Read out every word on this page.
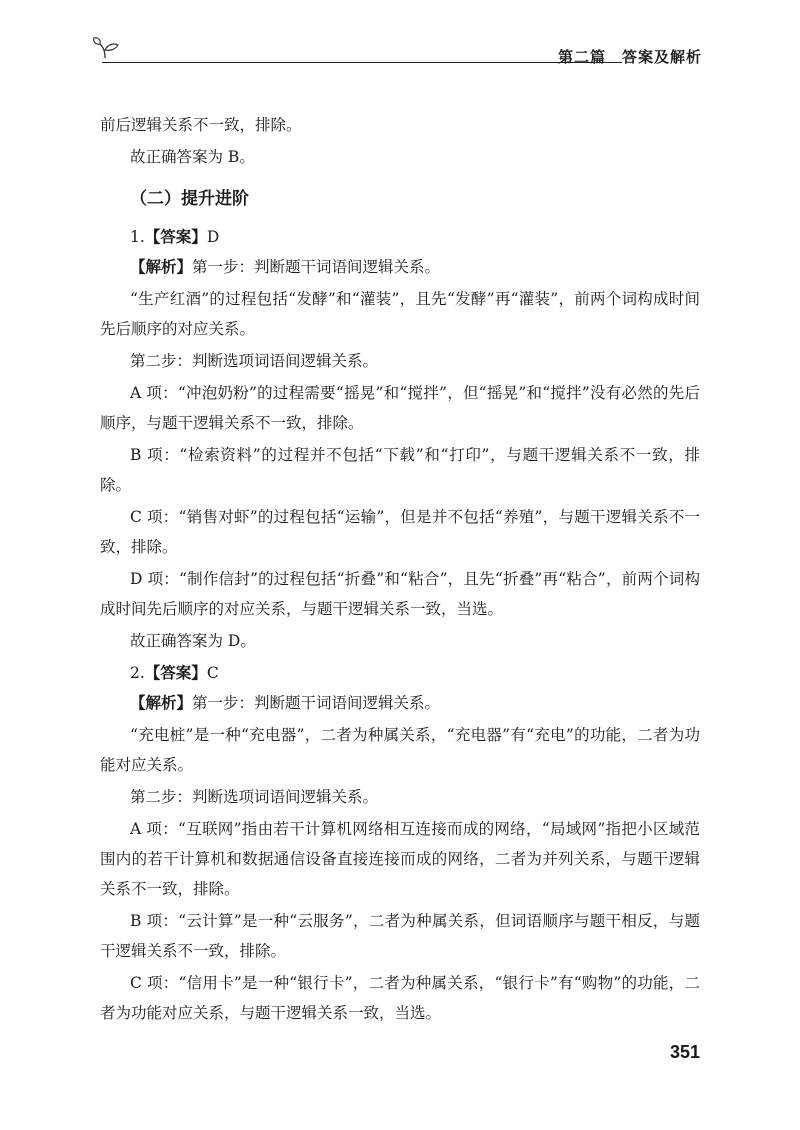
第二篇　答案及解析

前后逻辑关系不一致，排除。

故正确答案为 B。

（二）提升进阶
1.【答案】D

【解析】第一步：判断题干词语间逻辑关系。

“生产红酒”的过程包括“发酵”和“灌装”，且先“发酵”再“灌装”，前两个词构成时间先后顺序的对应关系。

第二步：判断选项词语间逻辑关系。

A 项：“冲泡奶粉”的过程需要“摇晃”和“搅拌”，但“摇晃”和“搅拌”没有必然的先后顺序，与题干逻辑关系不一致，排除。

B 项：“检索资料”的过程并不包括“下载”和“打印”，与题干逻辑关系不一致，排除。

C 项：“销售对虾”的过程包括“运输”，但是并不包括“养殖”，与题干逻辑关系不一致，排除。

D 项：“制作信封”的过程包括“折叠”和“粘合”，且先“折叠”再“粘合”，前两个词构成时间先后顺序的对应关系，与题干逻辑关系一致，当选。

故正确答案为 D。

2.【答案】C

【解析】第一步：判断题干词语间逻辑关系。

“充电桩”是一种“充电器”，二者为种属关系，“充电器”有“充电”的功能，二者为功能对应关系。

第二步：判断选项词语间逻辑关系。

A 项：“互联网”指由若干计算机网络相互连接而成的网络，“局域网”指把小区域范围内的若干计算机和数据通信设备直接连接而成的网络，二者为并列关系，与题干逻辑关系不一致，排除。

B 项：“云计算”是一种“云服务”，二者为种属关系，但词语顺序与题干相反，与题干逻辑关系不一致，排除。

C 项：“信用卡”是一种“银行卡”，二者为种属关系，“银行卡”有“购物”的功能，二者为功能对应关系，与题干逻辑关系一致，当选。

351
